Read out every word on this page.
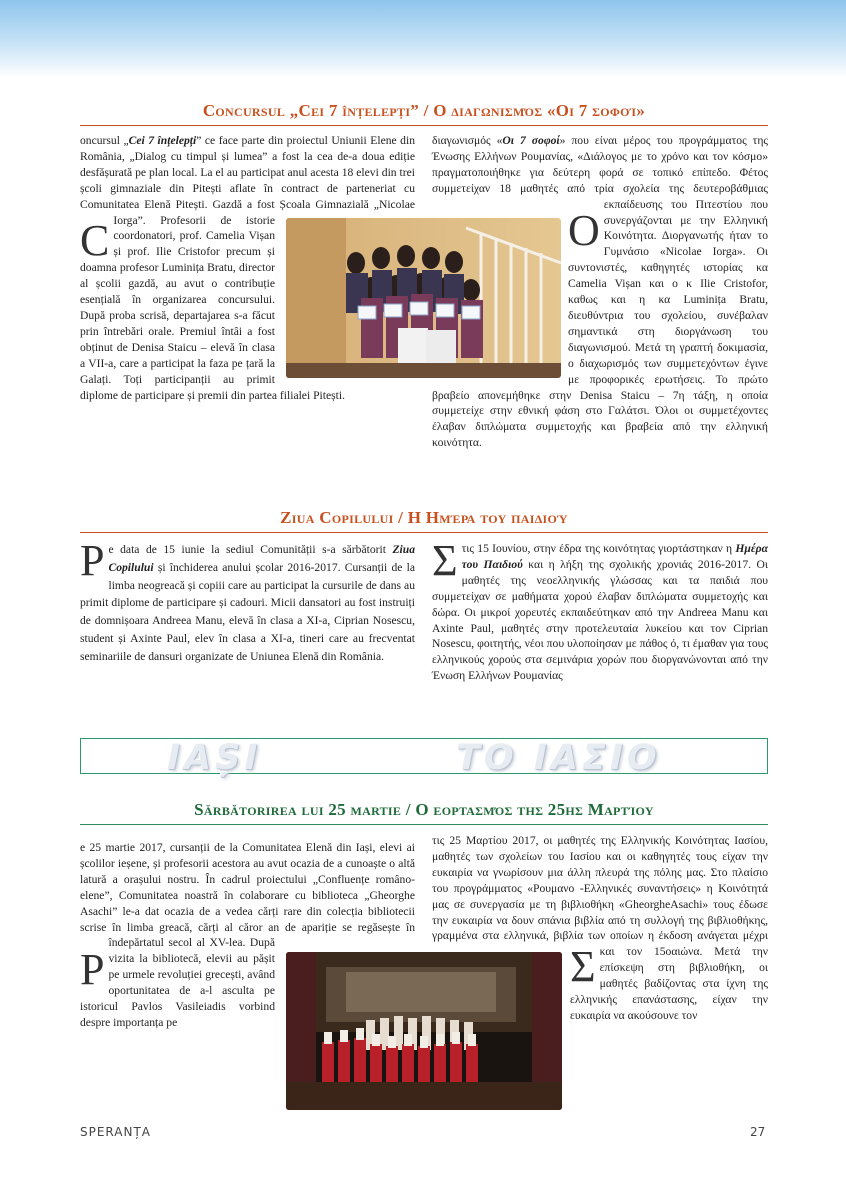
Concursul „Cei 7 înțelepți” / Ο διαγωνισμός «Οι 7 σοφοί»

C
oncursul „Cei 7 înțelepți” ce face parte din proiectul Uniunii Elene din România, „Dialog cu timpul și lumea” a fost la cea de-a doua ediție desfășurată pe plan local. La el au participat anul acesta 18 elevi din trei școli gimnaziale din Pitești aflate în contract de parteneriat cu Comunitatea Elenă Pitești. Gazdă a fost Școala Gimnazială „Nicolae Iorga”. Profesorii de istorie coordonatori, prof. Camelia Vișan și prof. Ilie Cristofor precum și doamna profesor Luminița Bratu, director al școlii gazdă, au avut o contribuție esențială în organizarea concursului. După proba scrisă, departajarea s-a făcut prin întrebări orale. Premiul întâi a fost obținut de Denisa Staicu – elevă în clasa a VII-a, care a participat la faza pe țară la Galați. Toți participanții au primit diplome de participare și premii din partea filialei Pitești.

Ο
διαγωνισμός «Οι 7 σοφοί» που είναι μέρος του προγράμματος της Ένωσης Ελλήνων Ρουμανίας, «Διάλογος με το χρόνο και τον κόσμο» πραγματοποιήθηκε για δεύτερη φορά σε τοπικό επίπεδο. Φέτος συμμετείχαν 18 μαθητές από τρία σχολεία της δευτεροβάθμιας εκπαίδευσης του Πιτεστίου που συνεργάζονται με την Ελληνική Κοινότητα. Διοργανωτής ήταν το Γυμνάσιο «Nicolae Iorga». Οι συντονιστές, καθηγητές ιστορίας κα Camelia Vișan και ο κ Ilie Cristofor, καθως και η κα Luminița Bratu, διευθύντρια του σχολείου, συνέβαλαν σημαντικά στη διοργάνωση του διαγωνισμού. Μετά τη γραπτή δοκιμασία, ο διαχωρισμός των συμμετεχόντων έγινε με προφορικές ερωτήσεις. Το πρώτο βραβείο απονεμήθηκε στην Denisa Staicu – 7η τάξη, η οποία συμμετείχε στην εθνική φάση στο Γαλάτσι. Όλοι οι συμμετέχοντες έλαβαν διπλώματα συμμετοχής και βραβεία από την ελληνική κοινότητα.

Ziua Copilului / Η Ημέρα του παιδιού

P e data de 15 iunie la sediul Comunității s-a sărbătorit Ziua Copilului și închiderea anului școlar 2016-2017. Cursanții de la limba neogreacă și copiii care au participat la cursurile de dans au primit diplome de participare și cadouri. Micii dansatori au fost instruiți de domnișoara Andreea Manu, elevă în clasa a XI-a, Ciprian Nosescu, student și Axinte Paul, elev în clasa a XI-a, tineri care au frecventat seminariile de dansuri organizate de Uniunea Elenă din România.

Σ τις 15 Ιουνίου, στην έδρα της κοινότητας γιορτάστηκαν η Ημέρα του Παιδιού και η λήξη της σχολικής χρονιάς 2016-2017. Οι μαθητές της νεοελληνικής γλώσσας και τα παιδιά που συμμετείχαν σε μαθήματα χορού έλαβαν διπλώματα συμμετοχής και δώρα. Οι μικροί χορευτές εκπαιδεύτηκαν από την Andreea Manu και Axinte Paul, μαθητές στην προτελευταία λυκείου και τον Ciprian Nosescu, φοιτητής, νέοι που υλοποίησαν με πάθος ό, τι έμαθαν για τους ελληνικούς χορούς στα σεμινάρια χορών που διοργανώνονται από την Ένωση Ελλήνων Ρουμανίας

IAȘI	ΤΟ ΙΑΣΙΟ
Sărbătorirea lui 25 martie / Ο εορτασμός της 25ης Μαρτίου

P
e 25 martie 2017, cursanții de la Comunitatea Elenă din Iași, elevi ai școlilor ieșene, și profesorii acestora au avut ocazia de a cunoaște o altă latură a orașului nostru. În cadrul proiectului „Confluențe româno-elene”, Comunitatea noastră în colaborare cu biblioteca „Gheorghe Asachi” le-a dat ocazia de a vedea cărți rare din colecția bibliotecii scrise în limba greacă, cărți al căror an de apariție se regăsește în îndepărtatul secol al XV-lea. După vizita la bibliotecă, elevii au pășit pe urmele revoluției grecești, având oportunitatea de a-l asculta pe istoricul Pavlos Vasileiadis vorbind despre importanța pe

Σ
τις 25 Μαρτίου 2017, οι μαθητές της Ελληνικής Κοινότητας Ιασίου, μαθητές των σχολείων του Ιασίου και οι καθηγητές τους είχαν την ευκαιρία να γνωρίσουν μια άλλη πλευρά της πόλης μας. Στο πλαίσιο του προγράμματος «Ρουμανο -Ελληνικές συναντήσεις» η Κοινότητά μας σε συνεργασία με τη βιβλιοθήκη «GheorgheAsachi» τους έδωσε την ευκαιρία να δουν σπάνια βιβλία από τη συλλογή της βιβλιοθήκης, γραμμένα στα ελληνικά, βιβλία των οποίων η έκδοση ανάγεται μέχρι και τον 15οαιώνα. Μετά την επίσκεψη στη βιβλιοθήκη, οι μαθητές βαδίζοντας στα ίχνη της ελληνικής επανάστασης, είχαν την ευκαιρία να ακούσουνε τον

SPERANȚA	27
